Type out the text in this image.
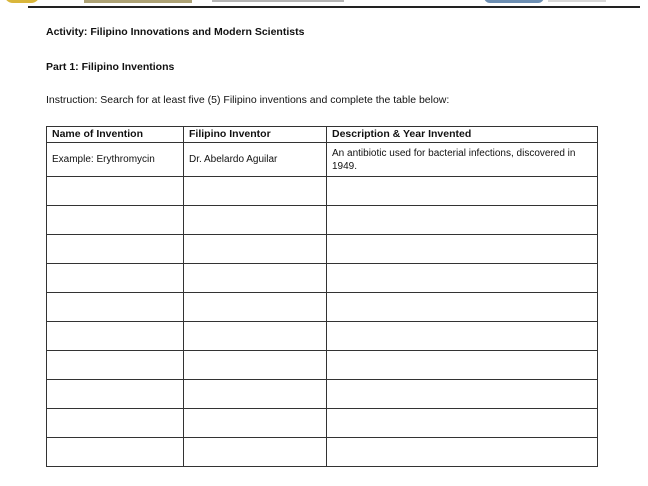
Activity: Filipino Innovations and Modern Scientists
Part 1: Filipino Inventions
Instruction: Search for at least five (5) Filipino inventions and complete the table below:
Name of Invention	Filipino Inventor	Description & Year Invented
Example: Erythromycin	Dr. Abelardo Aguilar	An antibiotic used for bacterial infections, discovered in 1949.
